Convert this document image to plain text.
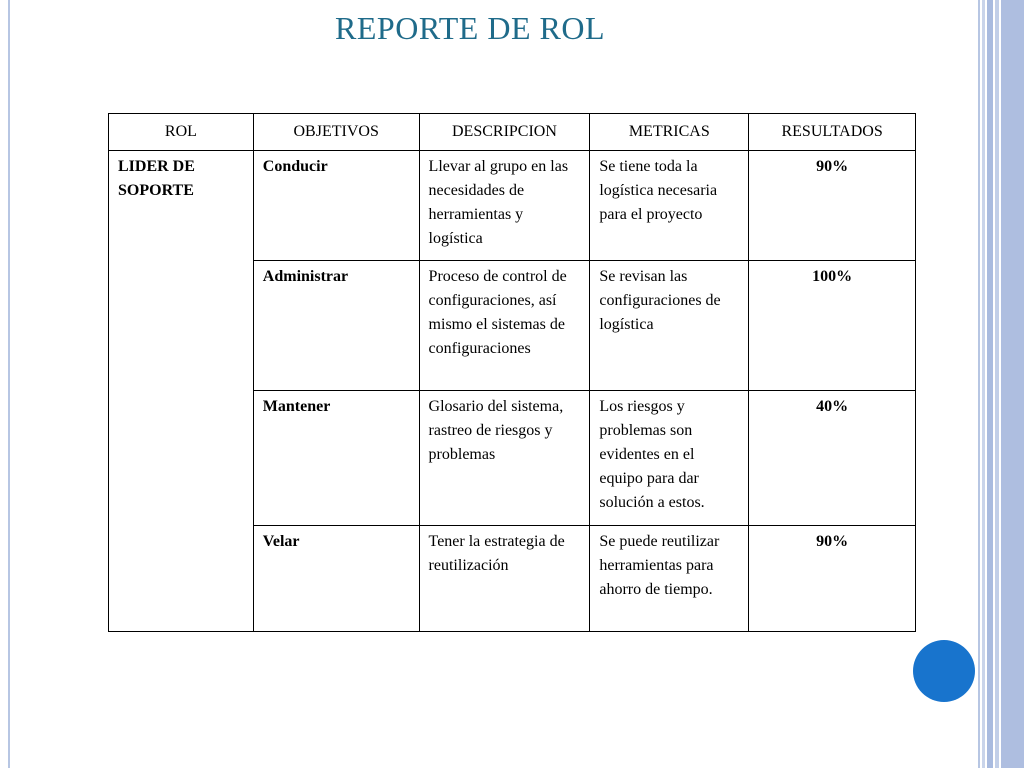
REPORTE DE ROL
ROL	OBJETIVOS	DESCRIPCION	METRICAS	RESULTADOS
LIDER DE SOPORTE	Conducir	Llevar al grupo en las necesidades de herramientas y logística	Se tiene toda la logística necesaria para el proyecto	90%
	Administrar	Proceso de control de configuraciones, así mismo el sistemas de configuraciones	Se revisan las configuraciones de logística	100%
	Mantener	Glosario del sistema, rastreo de riesgos y problemas	Los riesgos y problemas son evidentes en el equipo para dar solución a estos.	40%
	Velar	Tener la estrategia de reutilización	Se puede reutilizar herramientas para ahorro de tiempo.	90%
